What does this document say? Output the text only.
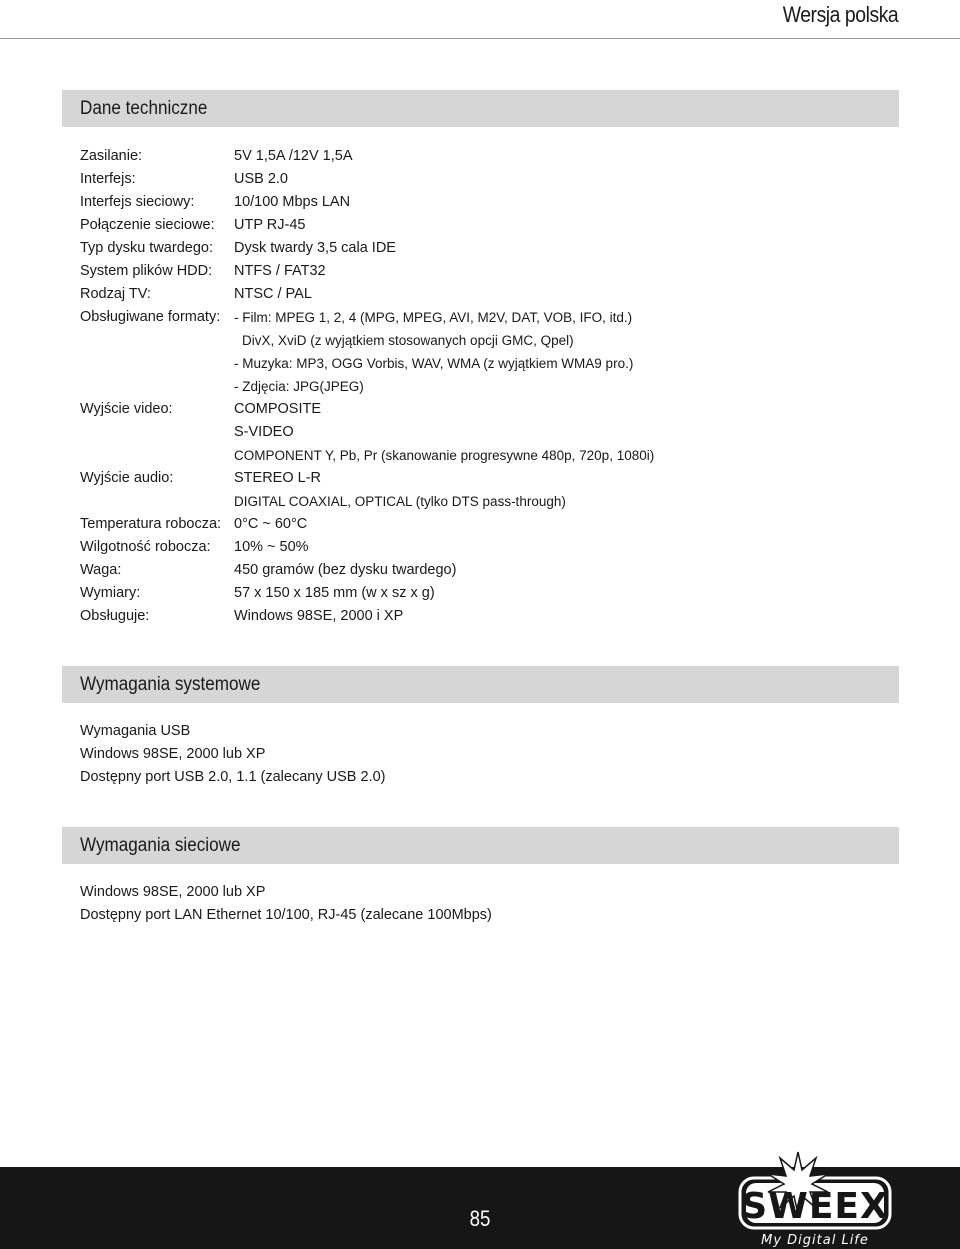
Wersja polska
Dane techniczne
Zasilanie:	5V 1,5A /12V 1,5A
Interfejs:	USB 2.0
Interfejs sieciowy:	10/100 Mbps LAN
Połączenie sieciowe:	UTP RJ-45
Typ dysku twardego:	Dysk twardy 3,5 cala IDE
System plików HDD:	NTFS / FAT32
Rodzaj TV:	NTSC / PAL
Obsługiwane formaty:	- Film: MPEG 1, 2, 4 (MPG, MPEG, AVI, M2V, DAT, VOB, IFO, itd.)
DivX, XviD (z wyjątkiem stosowanych opcji GMC, Qpel)
- Muzyka: MP3, OGG Vorbis, WAV, WMA (z wyjątkiem WMA9 pro.)
- Zdjęcia: JPG(JPEG)
Wyjście video:	COMPOSITE
S-VIDEO
COMPONENT Y, Pb, Pr (skanowanie progresywne 480p, 720p, 1080i)
Wyjście audio:	STEREO L-R
DIGITAL COAXIAL, OPTICAL (tylko DTS pass-through)
Temperatura robocza: 0°C ~ 60°C
Wilgotność robocza:	10% ~ 50%
Waga:	450 gramów (bez dysku twardego)
Wymiary:	57 x 150 x 185 mm (w x sz x g)
Obsługuje:	Windows 98SE, 2000 i XP
Wymagania systemowe
Wymagania USB
Windows 98SE, 2000 lub XP
Dostępny port USB 2.0, 1.1 (zalecany USB 2.0)
Wymagania sieciowe
Windows 98SE, 2000 lub XP
Dostępny port LAN Ethernet 10/100, RJ-45 (zalecane 100Mbps)
85	SWEEX
My Digital Life
